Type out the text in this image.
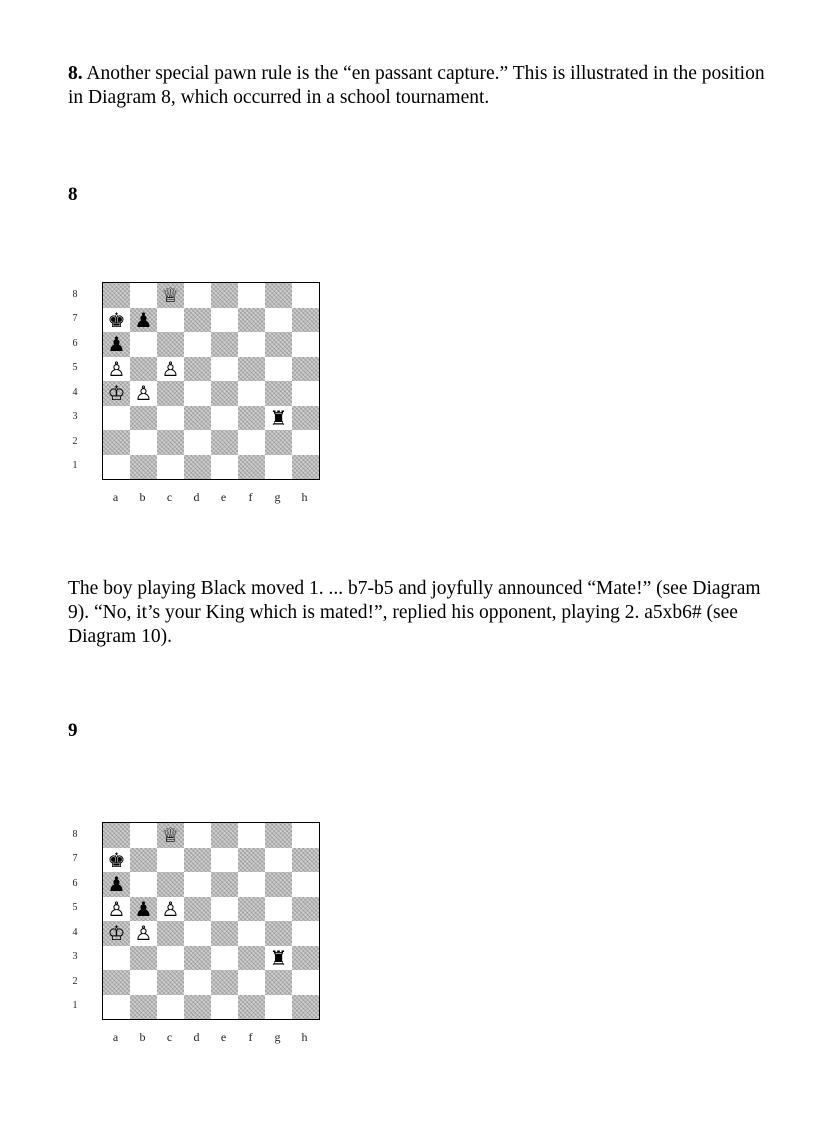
8. Another special pawn rule is the “en passant capture.” This is illustrated in the position in Diagram 8, which occurred in a school tournament.

8

8
7
6
5
4
3
2
1
♕
♚ ♟
♟
♙ ♙
♔ ♙
♜
a	b	c	d	e	f	g	h

The boy playing Black moved 1. ... b7-b5 and joyfully announced “Mate!” (see Diagram 9). “No, it’s your King which is mated!”, replied his opponent, playing 2. a5xb6# (see Diagram 10).

9

8
7
6
5
4
3
2
1
♕
♚
♟
♙ ♟ ♙
♔ ♙
♜
a	b	c	d	e	f	g	h
